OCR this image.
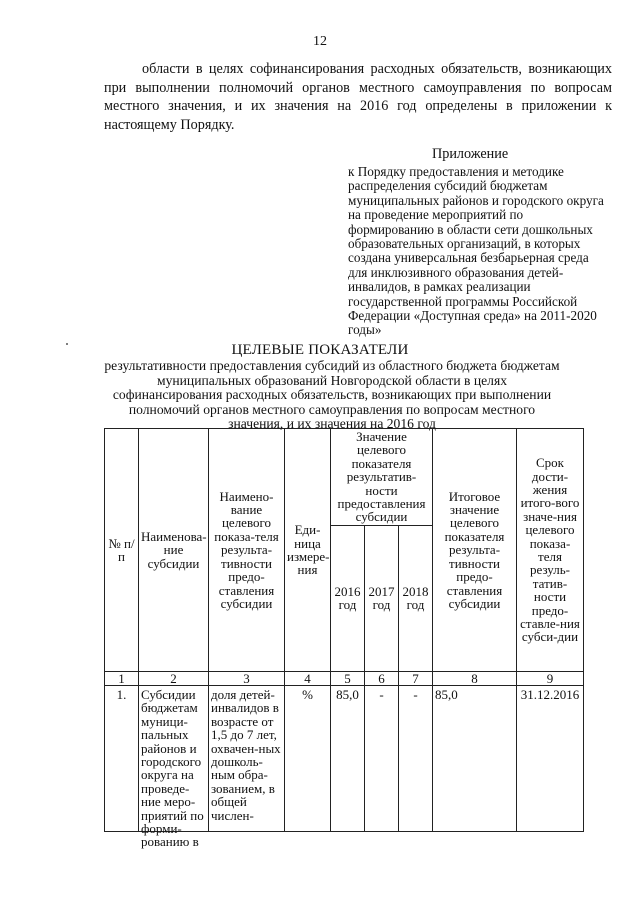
12

области в целях софинансирования расходных обязательств, возникающих при выполнении полномочий органов местного самоуправления по вопросам местного значения, и их значения на 2016 год определены в приложении к настоящему Порядку.

Приложение
к Порядку предоставления и методике распределения субсидий бюджетам муниципальных районов и городского округа на проведение мероприятий по формированию в области сети дошкольных образовательных организаций, в которых создана универсальная безбарьерная среда для инклюзивного образования детей-инвалидов, в рамках реализации государственной программы Российской Федерации «Доступная среда» на 2011-2020 годы»
ЦЕЛЕВЫЕ ПОКАЗАТЕЛИ
результативности предоставления субсидий из областного бюджета бюджетам муниципальных образований Новгородской области в целях софинансирования расходных обязательств, возникающих при выполнении полномочий органов местного самоуправления по вопросам местного значения, и их значения на 2016 год
№ п/п	Наименова-ние субсидии	Наимено-вание целевого показа-теля результа-тивности предо-ставления субсидии	Еди-ница измере-ния	Значение целевого показателя результатив-ности предоставления субсидии			Итоговое значение целевого показателя результа-тивности предо-ставления субсидии	Срок дости-жения итого-вого значе-ния целевого показа-теля резуль-татив-ности предо-ставле-ния субси-дии
				2016 год	2017 год	2018 год		
1	2	3	4	5	6	7	8	9
1.	Субсидии бюджетам муници-пальных районов и городского округа на проведе-ние меро-приятий по форми-рованию в	доля детей-инвалидов в возрасте от 1,5 до 7 лет, охвачен-ных дошколь-ным обра-зованием, в общей числен-	%	85,0	-	-	85,0	31.12.2016
